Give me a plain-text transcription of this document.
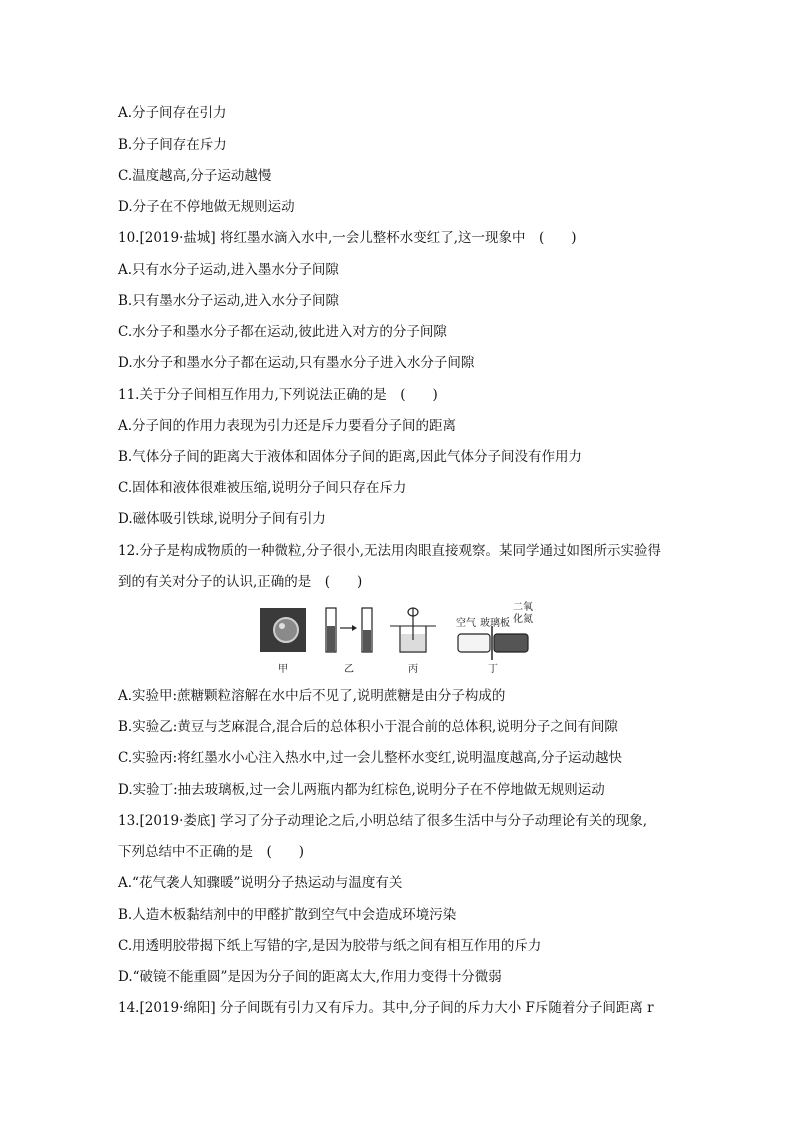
A.分子间存在引力
B.分子间存在斥力
C.温度越高,分子运动越慢
D.分子在不停地做无规则运动
10.[2019·盐城] 将红墨水滴入水中,一会儿整杯水变红了,这一现象中　(　　)
A.只有水分子运动,进入墨水分子间隙
B.只有墨水分子运动,进入水分子间隙
C.水分子和墨水分子都在运动,彼此进入对方的分子间隙
D.水分子和墨水分子都在运动,只有墨水分子进入水分子间隙
11.关于分子间相互作用力,下列说法正确的是　(　　)
A.分子间的作用力表现为引力还是斥力要看分子间的距离
B.气体分子间的距离大于液体和固体分子间的距离,因此气体分子间没有作用力
C.固体和液体很难被压缩,说明分子间只存在斥力
D.磁体吸引铁球,说明分子间有引力
12.分子是构成物质的一种微粒,分子很小,无法用肉眼直接观察。某同学通过如图所示实验得
到的有关对分子的认识,正确的是　(　　)
空气 玻璃板
二氧
化氮
甲	乙	丙	丁
A.实验甲:蔗糖颗粒溶解在水中后不见了,说明蔗糖是由分子构成的
B.实验乙:黄豆与芝麻混合,混合后的总体积小于混合前的总体积,说明分子之间有间隙
C.实验丙:将红墨水小心注入热水中,过一会儿整杯水变红,说明温度越高,分子运动越快
D.实验丁:抽去玻璃板,过一会儿两瓶内都为红棕色,说明分子在不停地做无规则运动
13.[2019·娄底] 学习了分子动理论之后,小明总结了很多生活中与分子动理论有关的现象,
下列总结中不正确的是　(　　)
A.“花气袭人知骤暖”说明分子热运动与温度有关
B.人造木板黏结剂中的甲醛扩散到空气中会造成环境污染
C.用透明胶带揭下纸上写错的字,是因为胶带与纸之间有相互作用的斥力
D.“破镜不能重圆”是因为分子间的距离太大,作用力变得十分微弱
14.[2019·绵阳] 分子间既有引力又有斥力。其中,分子间的斥力大小 F斥随着分子间距离 r
